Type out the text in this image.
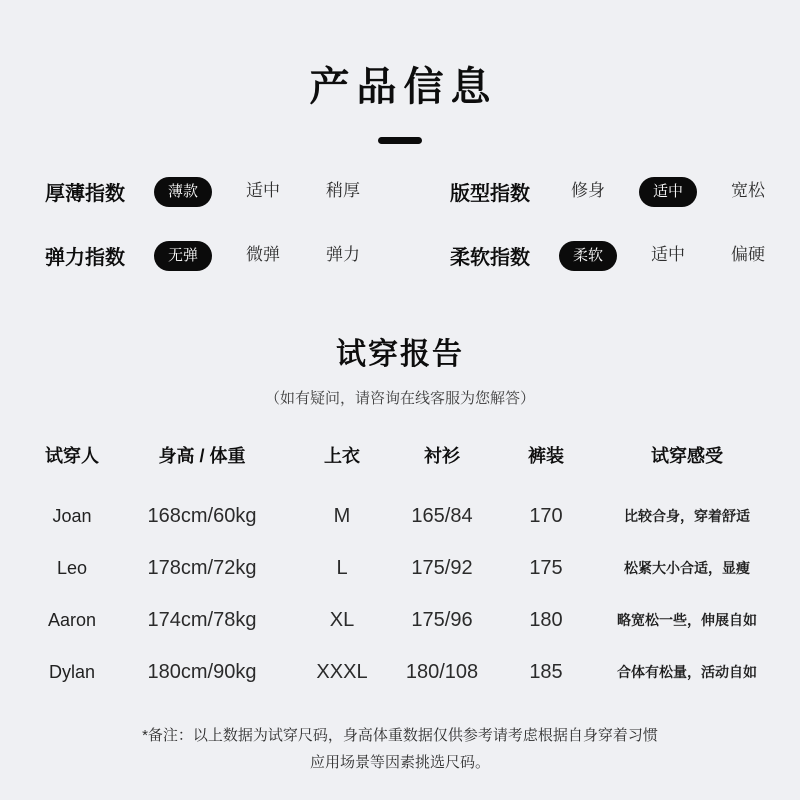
产品信息
厚薄指数	薄款	适中	稍厚	版型指数 修身	适中	宽松
弹力指数	无弹	微弹	弹力	柔软指数	柔软	适中	偏硬
试穿报告
（如有疑问，请咨询在线客服为您解答）
试穿人	身高 / 体重	上衣	衬衫	裤装	试穿感受
Joan	168cm/60kg	M	165/84	170	比较合身，穿着舒适
Leo	178cm/72kg	L	175/92	175	松紧大小合适，显瘦
Aaron	174cm/78kg	XL	175/96	180	略宽松一些，伸展自如
Dylan	180cm/90kg	XXXL	180/108	185	合体有松量，活动自如
*备注：以上数据为试穿尺码，身高体重数据仅供参考请考虑根据自身穿着习惯
应用场景等因素挑选尺码。
